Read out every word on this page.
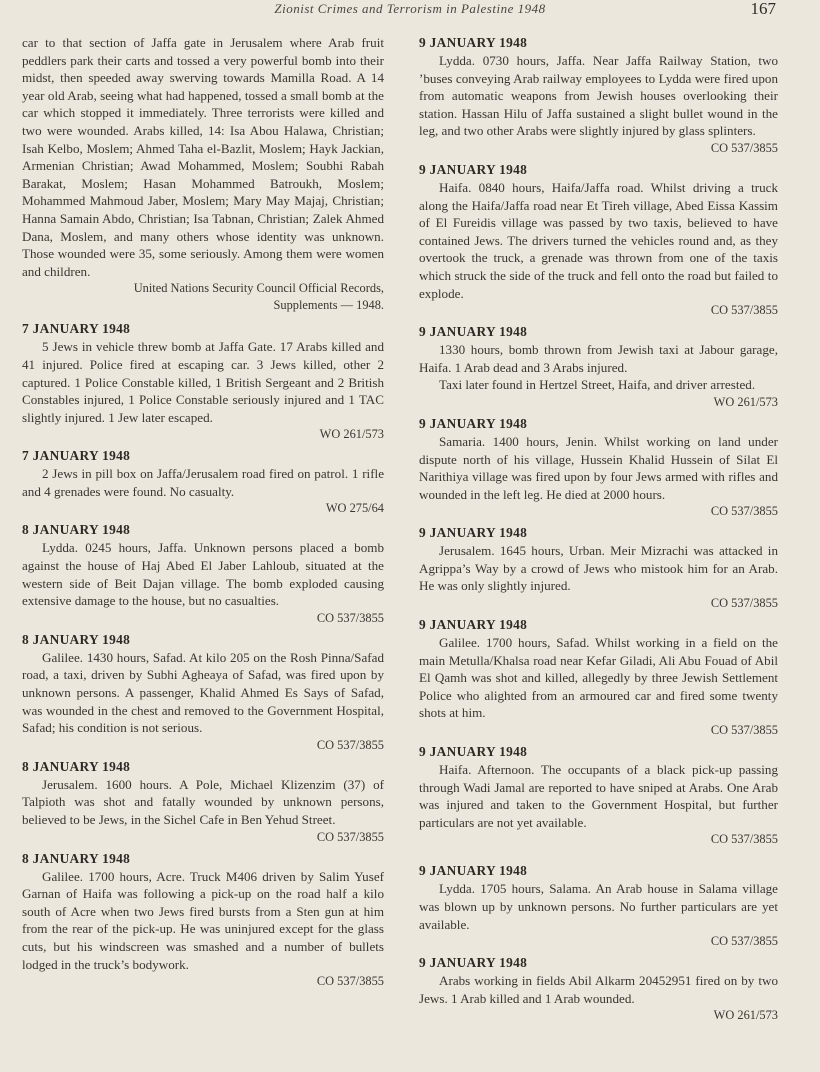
Zionist Crimes and Terrorism in Palestine 1948	167

car to that section of Jaffa gate in Jerusalem where Arab fruit peddlers park their carts and tossed a very powerful bomb into their midst, then speeded away swerving towards Mamilla Road. A 14 year old Arab, seeing what had happened, tossed a small bomb at the car which stopped it immediately. Three terrorists were killed and two were wounded. Arabs killed, 14: Isa Abou Halawa, Christian; Isah Kelbo, Moslem; Ahmed Taha el-Bazlit, Moslem; Hayk Jackian, Armenian Christian; Awad Mohammed, Moslem; Soubhi Rabah Barakat, Moslem; Hasan Mohammed Batroukh, Moslem; Mohammed Mahmoud Jaber, Moslem; Mary May Majaj, Christian; Hanna Samain Abdo, Christian; Isa Tabnan, Christian; Zalek Ahmed Dana, Moslem, and many others whose identity was unknown. Those wounded were 35, some seriously. Among them were women and children.

United Nations Security Council Official Records,

Supplements — 1948.

7 JANUARY 1948

5 Jews in vehicle threw bomb at Jaffa Gate. 17 Arabs killed and 41 injured. Police fired at escaping car. 3 Jews killed, other 2 captured. 1 Police Constable killed, 1 British Sergeant and 2 British Constables injured, 1 Police Constable seriously injured and 1 TAC slightly injured. 1 Jew later escaped.

WO 261/573
7 JANUARY 1948

2 Jews in pill box on Jaffa/Jerusalem road fired on patrol. 1 rifle and 4 grenades were found. No casualty.

WO 275/64
8 JANUARY 1948

Lydda. 0245 hours, Jaffa. Unknown persons placed a bomb against the house of Haj Abed El Jaber Lahloub, situated at the western side of Beit Dajan village. The bomb exploded causing extensive damage to the house, but no casualties.

CO 537/3855
8 JANUARY 1948

Galilee. 1430 hours, Safad. At kilo 205 on the Rosh Pinna/Safad road, a taxi, driven by Subhi Agheaya of Safad, was fired upon by unknown persons. A passenger, Khalid Ahmed Es Says of Safad, was wounded in the chest and removed to the Government Hospital, Safad; his condition is not serious.

CO 537/3855
8 JANUARY 1948

Jerusalem. 1600 hours. A Pole, Michael Klizenzim (37) of Talpioth was shot and fatally wounded by unknown persons, believed to be Jews, in the Sichel Cafe in Ben Yehud Street.

CO 537/3855
8 JANUARY 1948

Galilee. 1700 hours, Acre. Truck M406 driven by Salim Yusef Garnan of Haifa was following a pick-up on the road half a kilo south of Acre when two Jews fired bursts from a Sten gun at him from the rear of the pick-up. He was uninjured except for the glass cuts, but his windscreen was smashed and a number of bullets lodged in the truck’s bodywork.

CO 537/3855
9 JANUARY 1948

Lydda. 0730 hours, Jaffa. Near Jaffa Railway Station, two ’buses conveying Arab railway employees to Lydda were fired upon from automatic weapons from Jewish houses overlooking their station. Hassan Hilu of Jaffa sustained a slight bullet wound in the leg, and two other Arabs were slightly injured by glass splinters.

CO 537/3855
9 JANUARY 1948

Haifa. 0840 hours, Haifa/Jaffa road. Whilst driving a truck along the Haifa/Jaffa road near Et Tireh village, Abed Eissa Kassim of El Fureidis village was passed by two taxis, believed to have contained Jews. The drivers turned the vehicles round and, as they overtook the truck, a grenade was thrown from one of the taxis which struck the side of the truck and fell onto the road but failed to explode.

CO 537/3855
9 JANUARY 1948

1330 hours, bomb thrown from Jewish taxi at Jabour garage, Haifa. 1 Arab dead and 3 Arabs injured.

Taxi later found in Hertzel Street, Haifa, and driver arrested.

WO 261/573
9 JANUARY 1948

Samaria. 1400 hours, Jenin. Whilst working on land under dispute north of his village, Hussein Khalid Hussein of Silat El Narithiya village was fired upon by four Jews armed with rifles and wounded in the left leg. He died at 2000 hours.

CO 537/3855
9 JANUARY 1948

Jerusalem. 1645 hours, Urban. Meir Mizrachi was attacked in Agrippa’s Way by a crowd of Jews who mistook him for an Arab. He was only slightly injured.

CO 537/3855
9 JANUARY 1948

Galilee. 1700 hours, Safad. Whilst working in a field on the main Metulla/Khalsa road near Kefar Giladi, Ali Abu Fouad of Abil El Qamh was shot and killed, allegedly by three Jewish Settlement Police who alighted from an armoured car and fired some twenty shots at him.

CO 537/3855
9 JANUARY 1948

Haifa. Afternoon. The occupants of a black pick-up passing through Wadi Jamal are reported to have sniped at Arabs. One Arab was injured and taken to the Government Hospital, but further particulars are not yet available.

CO 537/3855
9 JANUARY 1948

Lydda. 1705 hours, Salama. An Arab house in Salama village was blown up by unknown persons. No further particulars are yet available.

CO 537/3855
9 JANUARY 1948

Arabs working in fields Abil Alkarm 20452951 fired on by two Jews. 1 Arab killed and 1 Arab wounded.

WO 261/573
